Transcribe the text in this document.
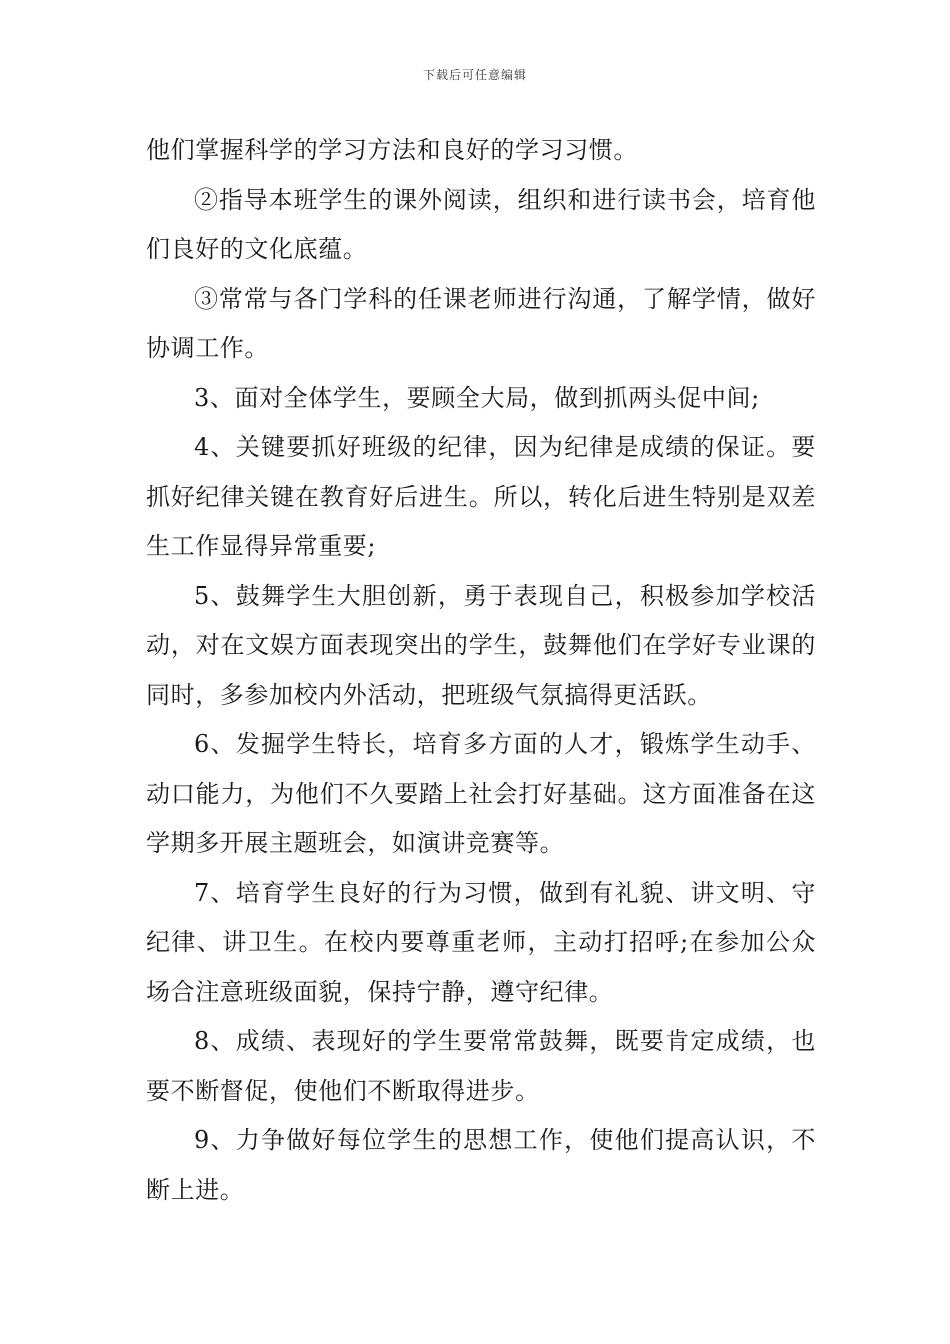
下载后可任意编辑

他们掌握科学的学习方法和良好的学习习惯。

②指导本班学生的课外阅读，组织和进行读书会，培育他们良好的文化底蕴。

③常常与各门学科的任课老师进行沟通，了解学情，做好协调工作。

3、面对全体学生，要顾全大局，做到抓两头促中间;

4、关键要抓好班级的纪律，因为纪律是成绩的保证。要抓好纪律关键在教育好后进生。所以，转化后进生特别是双差生工作显得异常重要;

5、鼓舞学生大胆创新，勇于表现自己，积极参加学校活动，对在文娱方面表现突出的学生，鼓舞他们在学好专业课的同时，多参加校内外活动，把班级气氛搞得更活跃。

6、发掘学生特长，培育多方面的人才，锻炼学生动手、动口能力，为他们不久要踏上社会打好基础。这方面准备在这学期多开展主题班会，如演讲竞赛等。

7、培育学生良好的行为习惯，做到有礼貌、讲文明、守纪律、讲卫生。在校内要尊重老师，主动打招呼;在参加公众场合注意班级面貌，保持宁静，遵守纪律。

8、成绩、表现好的学生要常常鼓舞，既要肯定成绩，也要不断督促，使他们不断取得进步。

9、力争做好每位学生的思想工作，使他们提高认识，不断上进。
